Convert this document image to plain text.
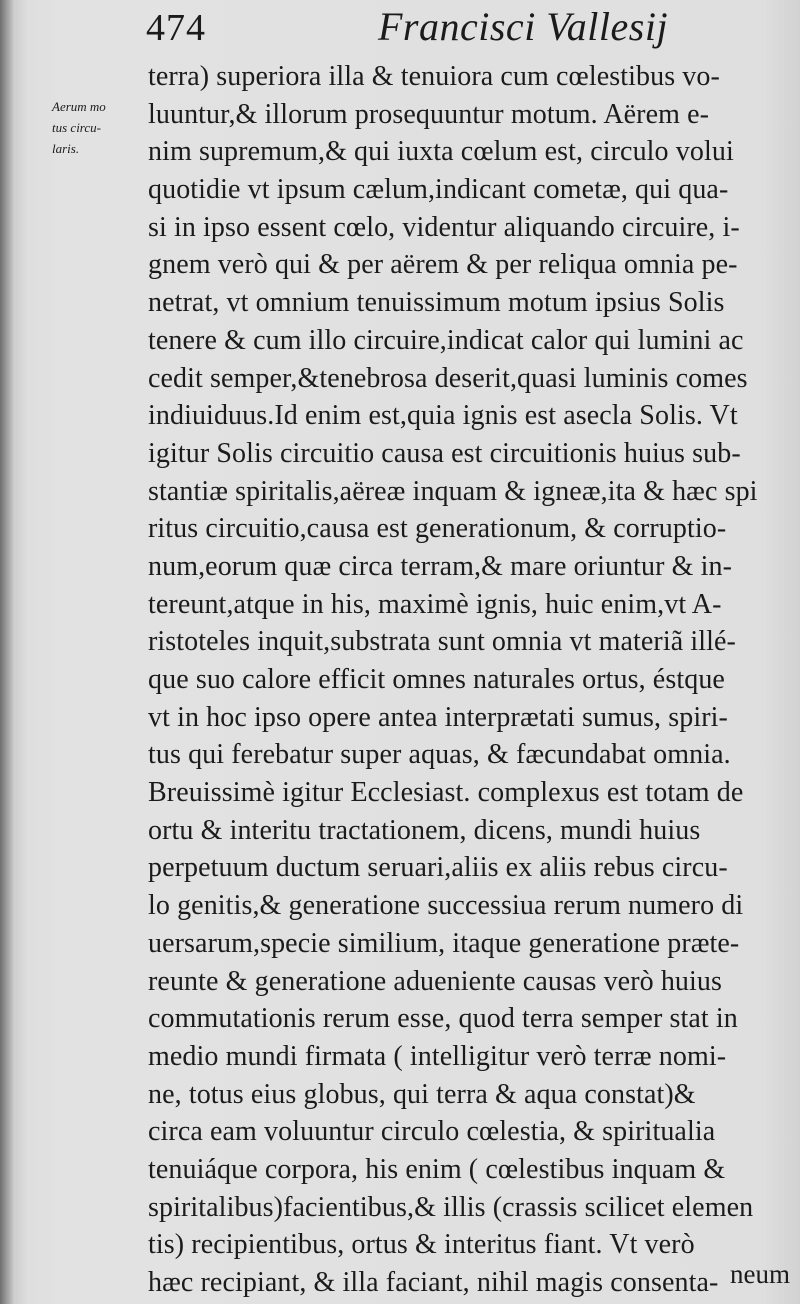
474	Francisci Vallesij
Aerum mo
tus circu-
laris.
terra) superiora illa & tenuiora cum cœlestibus vo-
luuntur,& illorum prosequuntur motum. Aërem e-
nim supremum,& qui iuxta cœlum est, circulo volui
quotidie vt ipsum cælum,indicant cometæ, qui qua-
si in ipso essent cœlo, videntur aliquando circuire, i-
gnem verò qui & per aërem & per reliqua omnia pe-
netrat, vt omnium tenuissimum motum ipsius Solis
tenere & cum illo circuire,indicat calor qui lumini ac
cedit semper,&tenebrosa deserit,quasi luminis comes
indiuiduus.Id enim est,quia ignis est asecla Solis. Vt
igitur Solis circuitio causa est circuitionis huius sub-
stantiæ spiritalis,aëreæ inquam & igneæ,ita & hæc spi
ritus circuitio,causa est generationum, & corruptio-
num,eorum quæ circa terram,& mare oriuntur & in-
tereunt,atque in his, maximè ignis, huic enim,vt A-
ristoteles inquit,substrata sunt omnia vt materiã illé-
que suo calore efficit omnes naturales ortus, éstque
vt in hoc ipso opere antea interprætati sumus, spiri-
tus qui ferebatur super aquas, & fæcundabat omnia.
Breuissimè igitur Ecclesiast. complexus est totam de
ortu & interitu tractationem, dicens, mundi huius
perpetuum ductum seruari,aliis ex aliis rebus circu-
lo genitis,& generatione successiua rerum numero di
uersarum,specie similium, itaque generatione præte-
reunte & generatione adueniente causas verò huius
commutationis rerum esse, quod terra semper stat in
medio mundi firmata ( intelligitur verò terræ nomi-
ne, totus eius globus, qui terra & aqua constat)&
circa eam voluuntur circulo cœlestia, & spiritualia
tenuiáque corpora, his enim ( cœlestibus inquam &
spiritalibus)facientibus,& illis (crassis scilicet elemen
tis) recipientibus, ortus & interitus fiant. Vt verò
hæc recipiant, & illa faciant, nihil magis consenta- neum
